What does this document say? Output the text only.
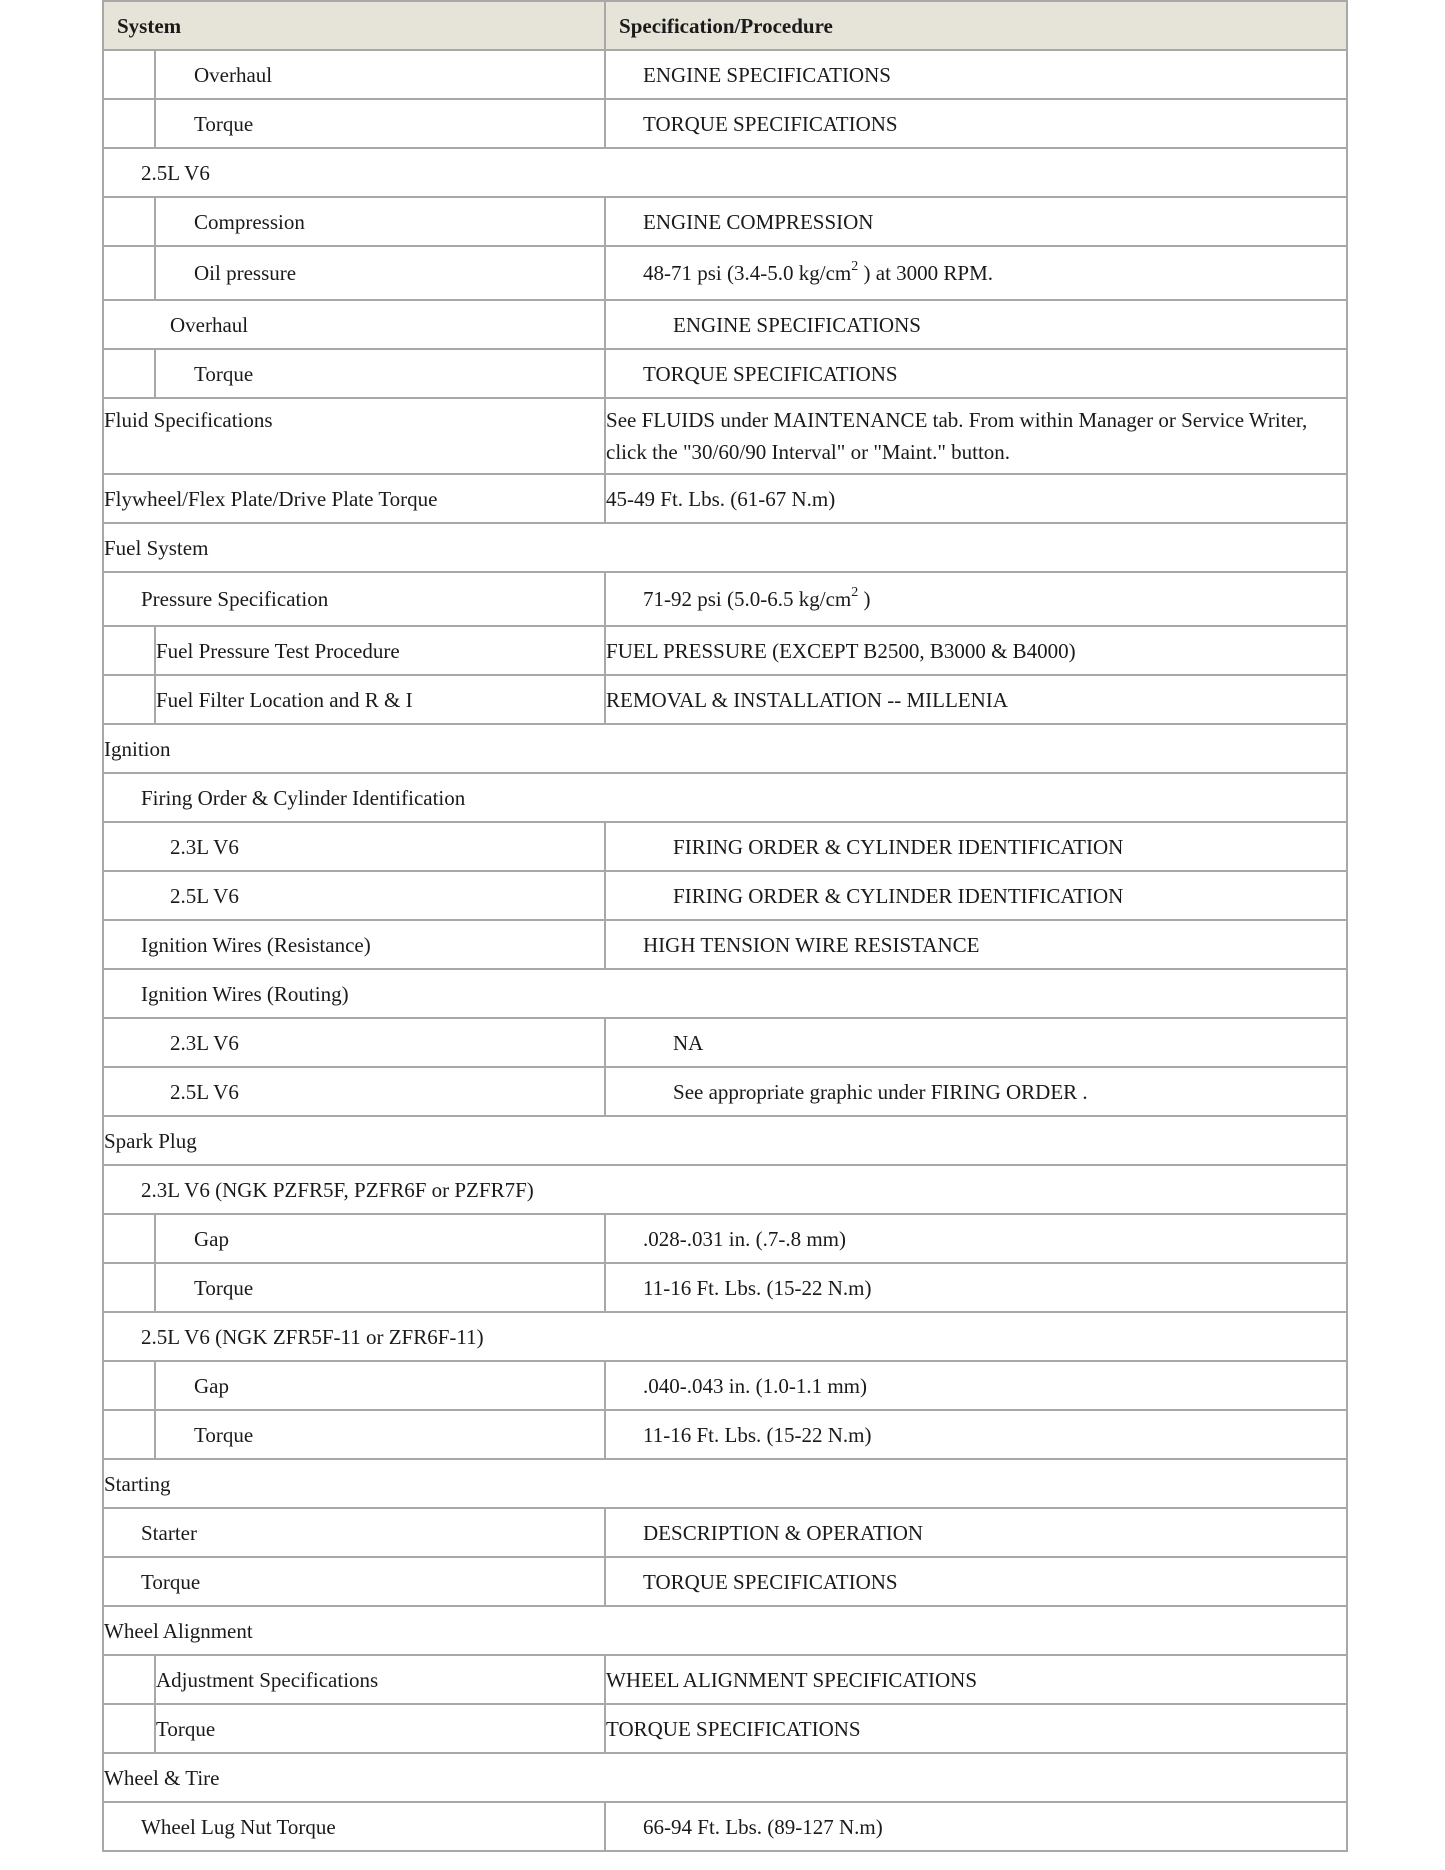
System		Specification/Procedure
	Overhaul	ENGINE SPECIFICATIONS
	Torque	TORQUE SPECIFICATIONS
2.5L V6		
	Compression	ENGINE COMPRESSION
	Oil pressure	48-71 psi (3.4-5.0 $kg/cm^2$ ) at 3000 RPM.
Overhaul		ENGINE SPECIFICATIONS
	Torque	TORQUE SPECIFICATIONS
Fluid Specifications		See FLUIDS under MAINTENANCE tab. From within Manager or Service Writer, click the "30/60/90 Interval" or "Maint." button.
Flywheel/Flex Plate/Drive Plate Torque		45-49 Ft. Lbs. (61-67 N.m)
Fuel System		
Pressure Specification		71-92 psi (5.0-6.5 $kg/cm^2$ )
	Fuel Pressure Test Procedure	FUEL PRESSURE (EXCEPT B2500, B3000 & B4000)
	Fuel Filter Location and R & I	REMOVAL & INSTALLATION -- MILLENIA
Ignition		
Firing Order & Cylinder Identification		
2.3L V6		FIRING ORDER & CYLINDER IDENTIFICATION
2.5L V6		FIRING ORDER & CYLINDER IDENTIFICATION
Ignition Wires (Resistance)		HIGH TENSION WIRE RESISTANCE
Ignition Wires (Routing)		
2.3L V6		NA
2.5L V6		See appropriate graphic under FIRING ORDER .
Spark Plug		
2.3L V6 (NGK PZFR5F, PZFR6F or PZFR7F)		
	Gap	.028-.031 in. (.7-.8 mm)
	Torque	11-16 Ft. Lbs. (15-22 N.m)
2.5L V6 (NGK ZFR5F-11 or ZFR6F-11)		
	Gap	.040-.043 in. (1.0-1.1 mm)
	Torque	11-16 Ft. Lbs. (15-22 N.m)
Starting		
Starter		DESCRIPTION & OPERATION
Torque		TORQUE SPECIFICATIONS
Wheel Alignment		
	Adjustment Specifications	WHEEL ALIGNMENT SPECIFICATIONS
	Torque	TORQUE SPECIFICATIONS
Wheel & Tire		
Wheel Lug Nut Torque		66-94 Ft. Lbs. (89-127 N.m)
